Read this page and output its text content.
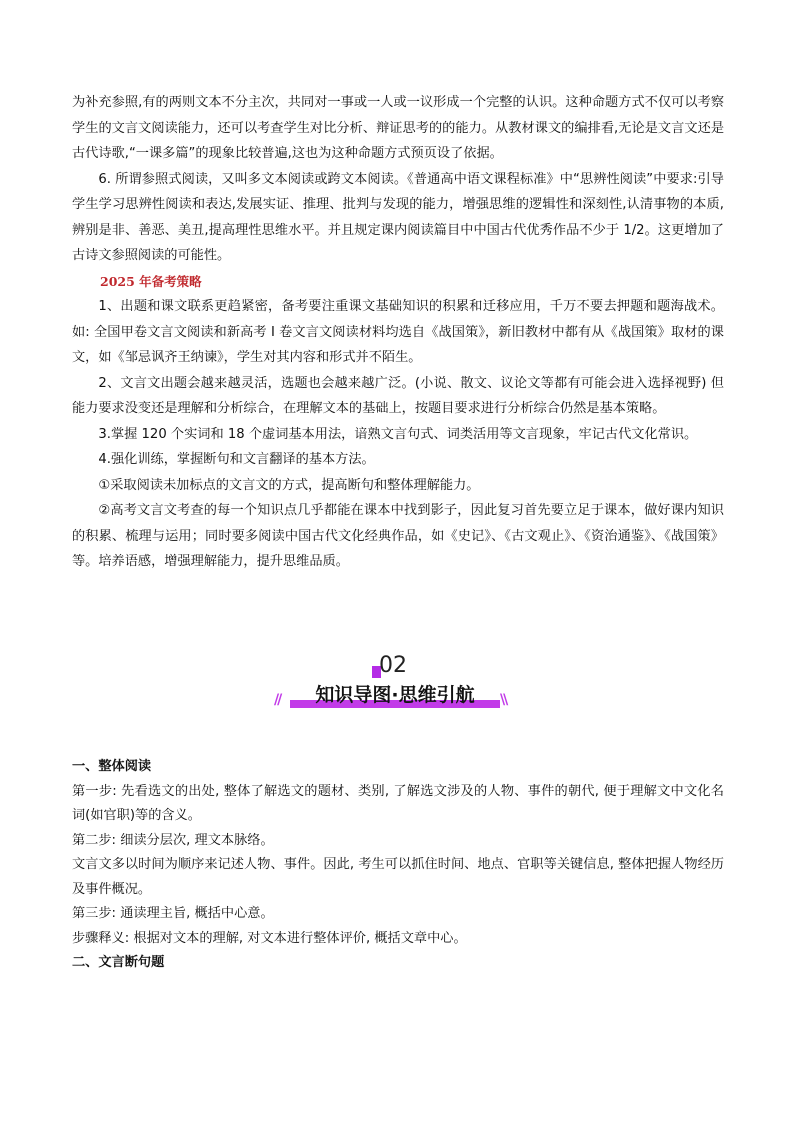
为补充参照,有的两则文本不分主次，共同对一事或一人或一议形成一个完整的认识。这种命题方式不仅可以考察学生的文言文阅读能力，还可以考查学生对比分析、辩证思考的的能力。从教材课文的编排看,无论是文言文还是古代诗歌,“一课多篇”的现象比较普遍,这也为这种命题方式预页设了依据。

6. 所谓参照式阅读，又叫多文本阅读或跨文本阅读。《普通高中语文课程标准》中“思辨性阅读”中要求:引导学生学习思辨性阅读和表达,发展实证、推理、批判与发现的能力，增强思维的逻辑性和深刻性,认清事物的本质,辨别是非、善恶、美丑,提高理性思维水平。并且规定课内阅读篇目中中国古代优秀作品不少于 1/2。这更增加了古诗文参照阅读的可能性。

2025 年备考策略

1、出题和课文联系更趋紧密，备考要注重课文基础知识的积累和迁移应用，千万不要去押题和题海战术。如: 全国甲卷文言文阅读和新高考 I 卷文言文阅读材料均选自《战国策》，新旧教材中都有从《战国策》取材的课文，如《邹忌讽齐王纳谏》，学生对其内容和形式并不陌生。

2、文言文出题会越来越灵活，选题也会越来越广泛。(小说、散文、议论文等都有可能会进入选择视野) 但能力要求没变还是理解和分析综合，在理解文本的基础上，按题目要求进行分析综合仍然是基本策略。

3.掌握 120 个实词和 18 个虚词基本用法，谙熟文言句式、词类活用等文言现象，牢记古代文化常识。

4.强化训练，掌握断句和文言翻译的基本方法。

①采取阅读未加标点的文言文的方式，提高断句和整体理解能力。

②高考文言文考查的每一个知识点几乎都能在课本中找到影子，因此复习首先要立足于课本，做好课内知识的积累、梳理与运用；同时要多阅读中国古代文化经典作品，如《史记》、《古文观止》、《资治通鉴》、《战国策》等。培养语感，增强理解能力，提升思维品质。

02
知识导图·思维引航
//	\\

一、整体阅读

第一步: 先看选文的出处, 整体了解选文的题材、类别, 了解选文涉及的人物、事件的朝代, 便于理解文中文化名词(如官职)等的含义。

第二步: 细读分层次, 理文本脉络。

文言文多以时间为顺序来记述人物、事件。因此, 考生可以抓住时间、地点、官职等关键信息, 整体把握人物经历及事件概况。

第三步: 通读理主旨, 概括中心意。

步骤释义: 根据对文本的理解, 对文本进行整体评价, 概括文章中心。

二、文言断句题
